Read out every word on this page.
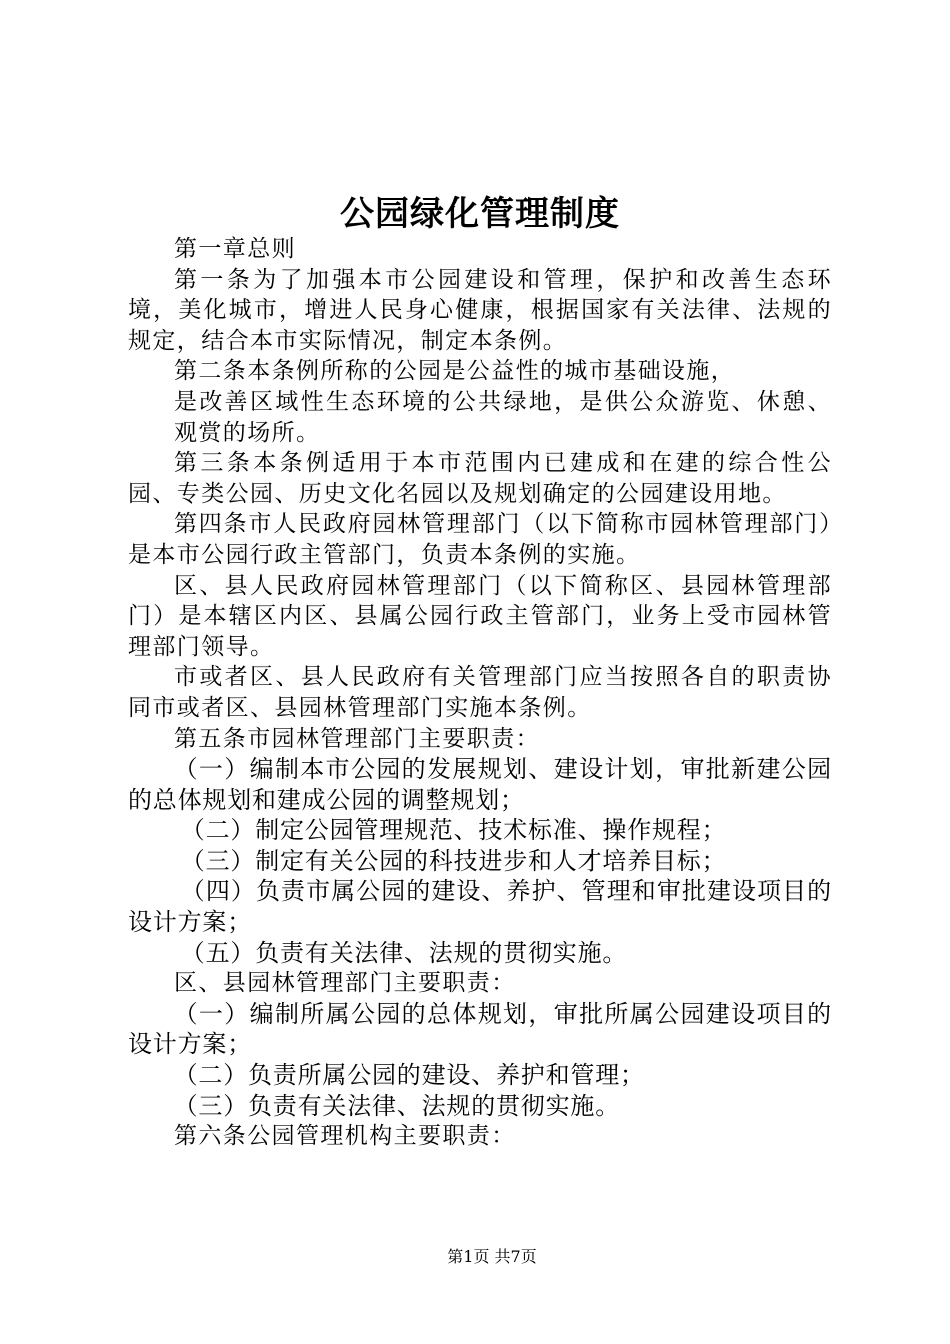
公园绿化管理制度

第一章总则

第一条为了加强本市公园建设和管理，保护和改善生态环境，美化城市，增进人民身心健康，根据国家有关法律、法规的规定，结合本市实际情况，制定本条例。

第二条本条例所称的公园是公益性的城市基础设施，

是改善区域性生态环境的公共绿地，是供公众游览、休憩、观赏的场所。

第三条本条例适用于本市范围内已建成和在建的综合性公园、专类公园、历史文化名园以及规划确定的公园建设用地。

第四条市人民政府园林管理部门（以下简称市园林管理部门）是本市公园行政主管部门，负责本条例的实施。

区、县人民政府园林管理部门（以下简称区、县园林管理部门）是本辖区内区、县属公园行政主管部门，业务上受市园林管理部门领导。

市或者区、县人民政府有关管理部门应当按照各自的职责协同市或者区、县园林管理部门实施本条例。

第五条市园林管理部门主要职责：

（一）编制本市公园的发展规划、建设计划，审批新建公园的总体规划和建成公园的调整规划；

（二）制定公园管理规范、技术标准、操作规程；

（三）制定有关公园的科技进步和人才培养目标；

（四）负责市属公园的建设、养护、管理和审批建设项目的设计方案；

（五）负责有关法律、法规的贯彻实施。

区、县园林管理部门主要职责：

（一）编制所属公园的总体规划，审批所属公园建设项目的设计方案；

（二）负责所属公园的建设、养护和管理；

（三）负责有关法律、法规的贯彻实施。

第六条公园管理机构主要职责：

第1页 共7页
